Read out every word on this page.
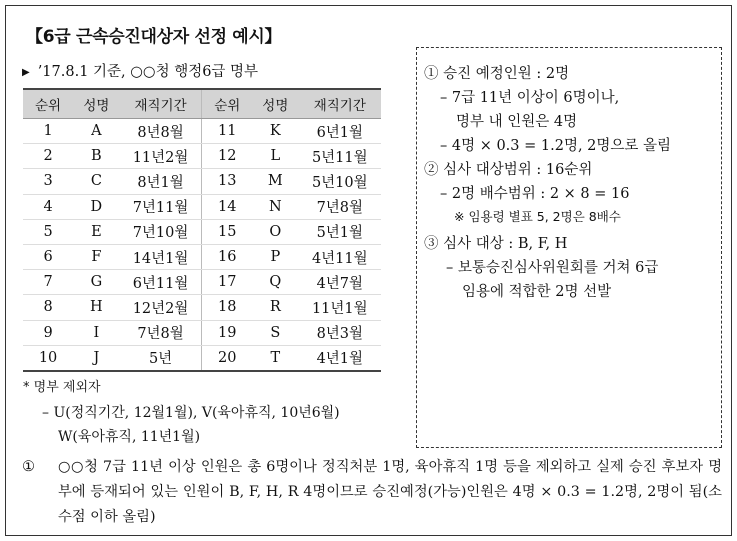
【6급 근속승진대상자 선정 예시】
▶ ’17.8.1 기준, ○○청 행정6급 명부
순위	성명	재직기간	순위	성명	재직기간
1	A	8년8월	11	K	6년1월
2	B	11년2월	12	L	5년11월
3	C	8년1월	13	M	5년10월
4	D	7년11월	14	N	7년8월
5	E	7년10월	15	O	5년1월
6	F	14년1월	16	P	4년11월
7	G	6년11월	17	Q	4년7월
8	H	12년2월	18	R	11년1월
9	I	7년8월	19	S	8년3월
10	J	5년	20	T	4년1월
① 승진 예정인원 : 2명
– 7급 11년 이상이 6명이나,
명부 내 인원은 4명
– 4명 × 0.3 = 1.2명, 2명으로 올림
② 심사 대상범위 : 16순위
– 2명 배수범위 : 2 × 8 = 16
※ 임용령 별표 5, 2명은 8배수
③ 심사 대상 : B, F, H
– 보통승진심사위원회를 거쳐 6급
임용에 적합한 2명 선발
* 명부 제외자
– U(정직기간, 12월1월), V(육아휴직, 10년6월)
W(육아휴직, 11년1월)
① ○○청 7급 11년 이상 인원은 총 6명이나 정직처분 1명, 육아휴직 1명 등을 제외하고 실제 승진 후보자 명부에 등재되어 있는 인원이 B, F, H, R 4명이므로 승진예정(가능)인원은 4명 × 0.3 = 1.2명, 2명이 됨(소수점 이하 올림)
